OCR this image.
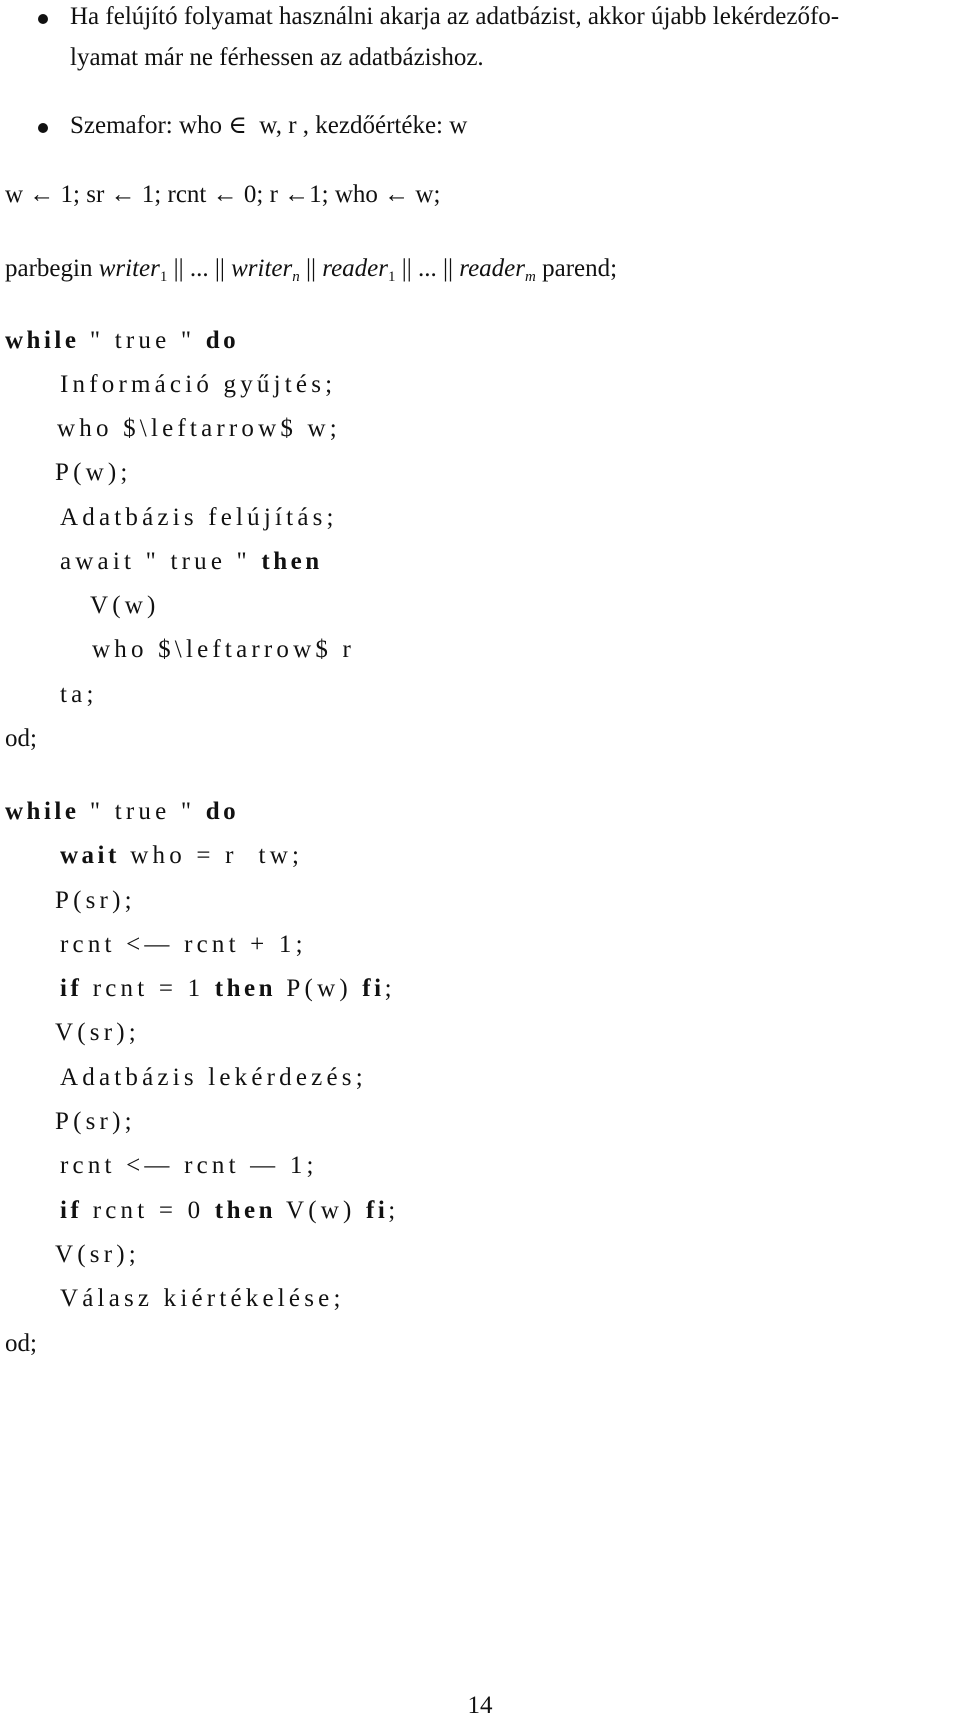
Ha felújító folyamat használni akarja az adatbázist, akkor újabb lekérdezőfo-
lyamat már ne férhessen az adatbázishoz.
Szemafor: who ∈  w, r , kezdőértéke: w
w ← 1; sr ← 1; rcnt ← 0; r ←1; who ← w;

parbegin writer$_1$ || ... || writer$_n$ || reader$_1$ || ... || reader$_m$ parend;

while " true " do
Információ gyűjtés;
who $\leftarrow$ w;
P(w);
Adatbázis felújítás;
await " true " then
V(w)
who $\leftarrow$ r
ta;
od;
while " true " do
wait who = r  tw;
P(sr);
rcnt <— rcnt + 1;
if rcnt = 1 then P(w) fi;
V(sr);
Adatbázis lekérdezés;
P(sr);
rcnt <— rcnt — 1;
if rcnt = 0 then V(w) fi;
V(sr);
Válasz kiértékelése;
od;
14
